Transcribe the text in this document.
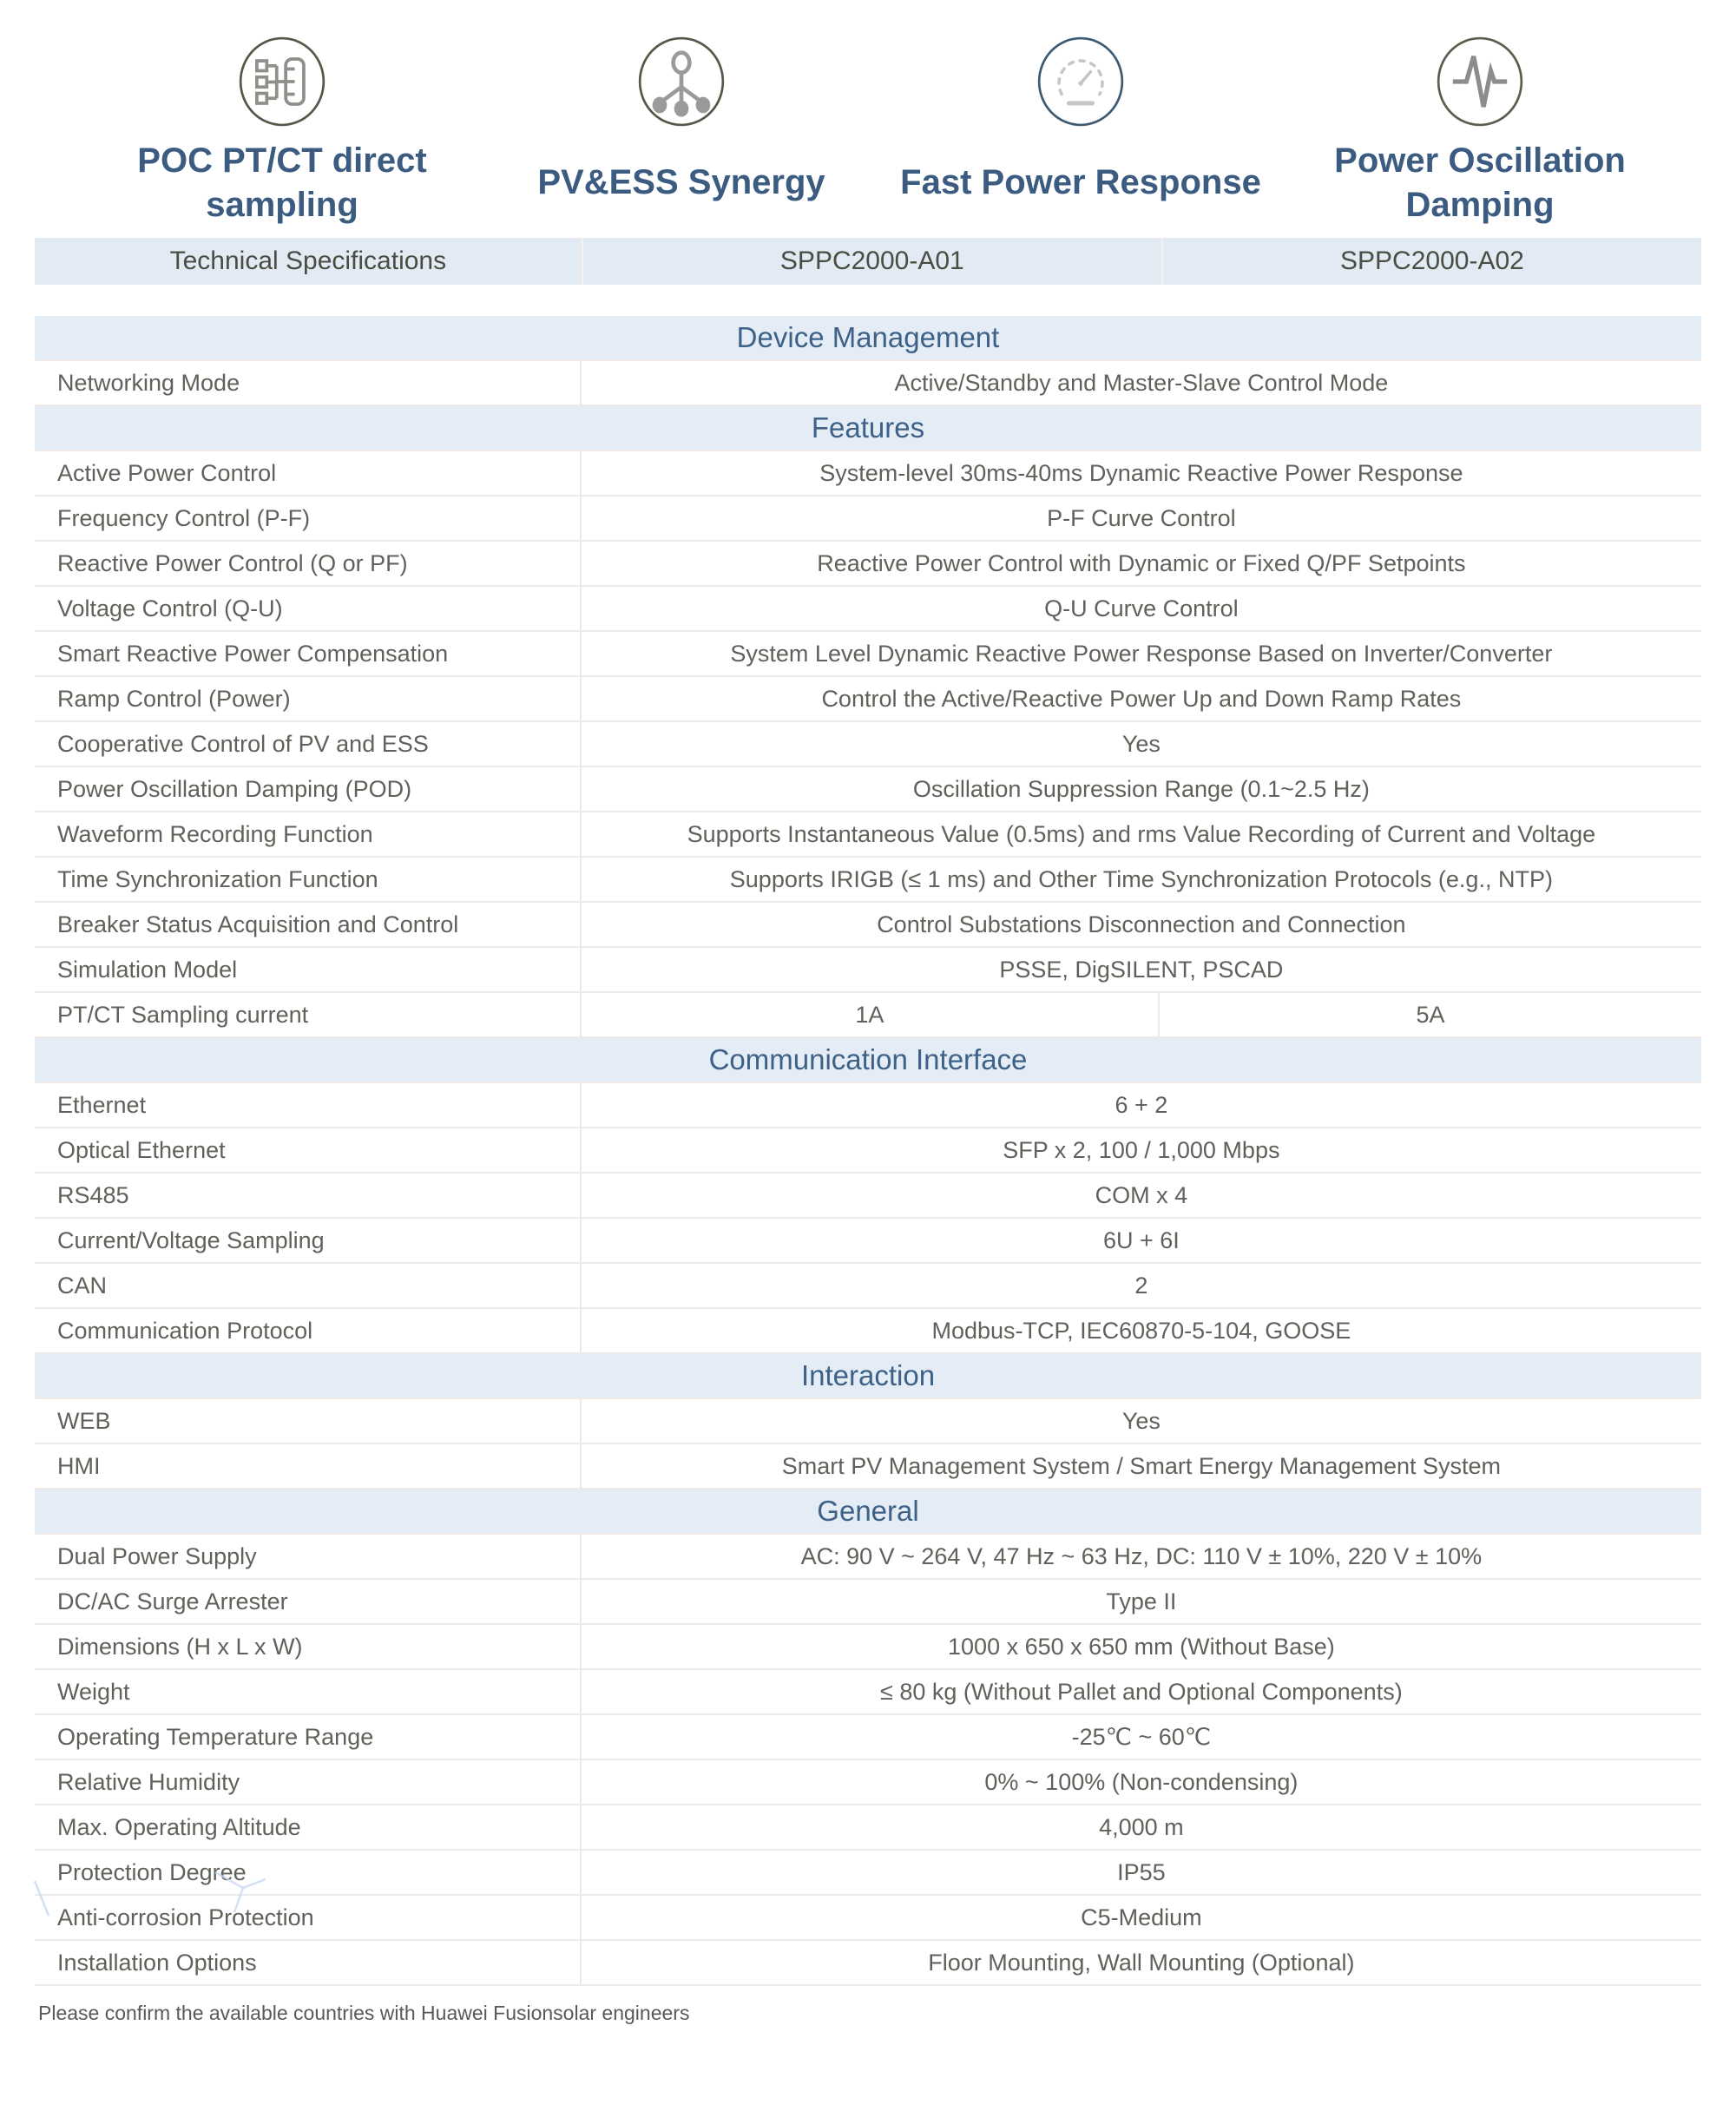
POC PT/CT direct sampling
PV&ESS Synergy Fast Power Response
Power Oscillation Damping
Technical Specifications	SPPC2000-A01	SPPC2000-A02
Device Management
Networking Mode	Active/Standby and Master-Slave Control Mode
Features
Active Power Control	System-level 30ms-40ms Dynamic Reactive Power Response
Frequency Control (P-F)	P-F Curve Control
Reactive Power Control (Q or PF)	Reactive Power Control with Dynamic or Fixed Q/PF Setpoints
Voltage Control (Q-U)	Q-U Curve Control
Smart Reactive Power Compensation	System Level Dynamic Reactive Power Response Based on Inverter/Converter
Ramp Control (Power)	Control the Active/Reactive Power Up and Down Ramp Rates
Cooperative Control of PV and ESS	Yes
Power Oscillation Damping (POD)	Oscillation Suppression Range (0.1~2.5 Hz)
Waveform Recording Function	Supports Instantaneous Value (0.5ms) and rms Value Recording of Current and Voltage
Time Synchronization Function	Supports IRIGB (≤ 1 ms) and Other Time Synchronization Protocols (e.g., NTP)
Breaker Status Acquisition and Control	Control Substations Disconnection and Connection
Simulation Model	PSSE, DigSILENT, PSCAD
PT/CT Sampling current	1A	5A
Communication Interface
Ethernet	6 + 2
Optical Ethernet	SFP x 2, 100 / 1,000 Mbps
RS485	COM x 4
Current/Voltage Sampling	6U + 6I
CAN	2
Communication Protocol	Modbus-TCP, IEC60870-5-104, GOOSE
Interaction
WEB	Yes
HMI	Smart PV Management System / Smart Energy Management System
General
Dual Power Supply	AC: 90 V ~ 264 V, 47 Hz ~ 63 Hz, DC: 110 V ± 10%, 220 V ± 10%
DC/AC Surge Arrester	Type II
Dimensions (H x L x W)	1000 x 650 x 650 mm (Without Base)
Weight	≤ 80 kg (Without Pallet and Optional Components)
Operating Temperature Range	-25℃ ~ 60℃
Relative Humidity	0% ~ 100% (Non-condensing)
Max. Operating Altitude	4,000 m
Protection Degree	IP55
Anti-corrosion Protection	C5-Medium
Installation Options	Floor Mounting, Wall Mounting (Optional)
Please confirm the available countries with Huawei Fusionsolar engineers
